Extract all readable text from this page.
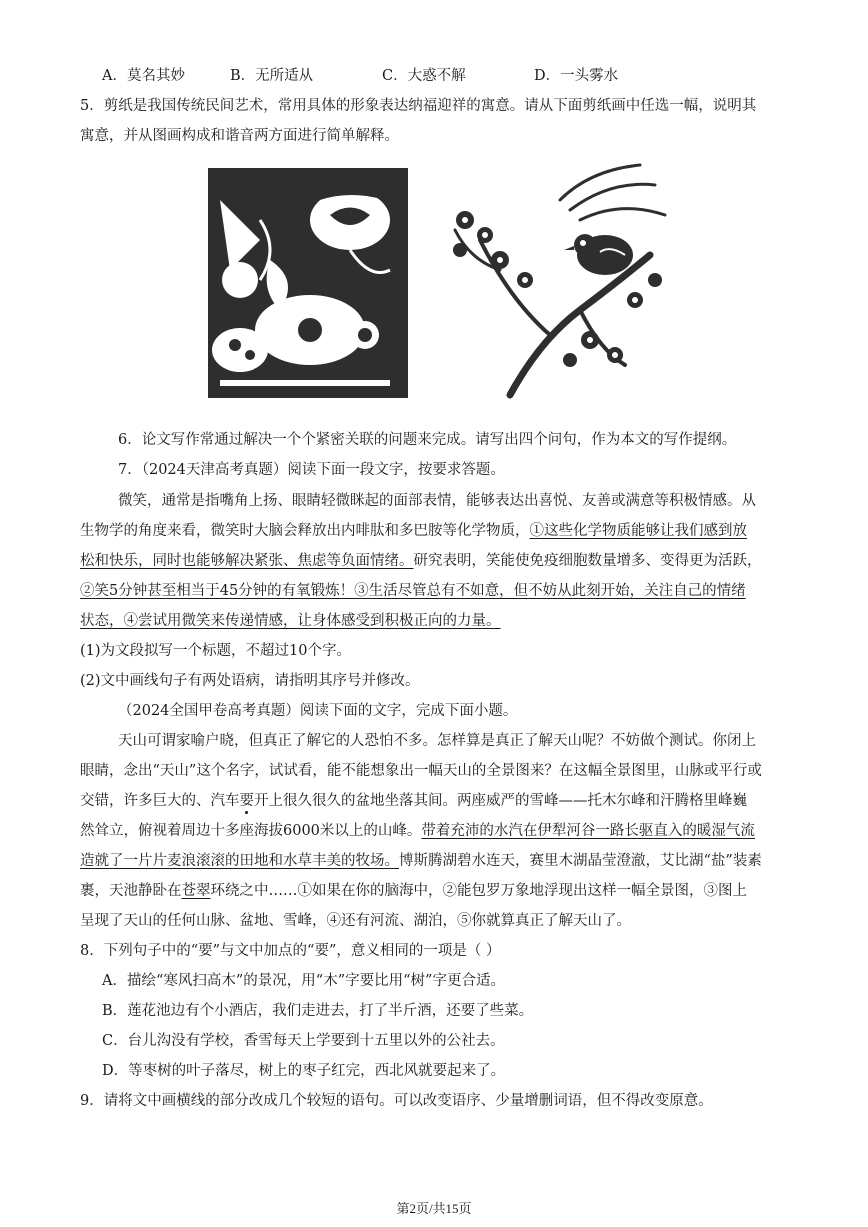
A．莫名其妙	B．无所适从	C．大惑不解	D．一头雾水
5．剪纸是我国传统民间艺术，常用具体的形象表达纳福迎祥的寓意。请从下面剪纸画中任选一幅，说明其
寓意，并从图画构成和谐音两方面进行简单解释。
6．论文写作常通过解决一个个紧密关联的问题来完成。请写出四个问句，作为本文的写作提纲。
7．（2024天津高考真题）阅读下面一段文字，按要求答题。
微笑，通常是指嘴角上扬、眼睛轻微眯起的面部表情，能够表达出喜悦、友善或满意等积极情感。从
生物学的角度来看，微笑时大脑会释放出内啡肽和多巴胺等化学物质，①这些化学物质能够让我们感到放
松和快乐，同时也能够解决紧张、焦虑等负面情绪。研究表明，笑能使免疫细胞数量增多、变得更为活跃，
②笑5分钟甚至相当于45分钟的有氧锻炼！③生活尽管总有不如意，但不妨从此刻开始，关注自己的情绪
状态，④尝试用微笑来传递情感，让身体感受到积极正向的力量。
(1)为文段拟写一个标题，不超过10个字。
(2)文中画线句子有两处语病，请指明其序号并修改。
（2024全国甲卷高考真题）阅读下面的文字，完成下面小题。
天山可谓家喻户晓，但真正了解它的人恐怕不多。怎样算是真正了解天山呢？不妨做个测试。你闭上
眼睛，念出“天山”这个名字，试试看，能不能想象出一幅天山的全景图来？在这幅全景图里，山脉或平行或
交错，许多巨大的、汽车要开上很久很久的盆地坐落其间。两座威严的雪峰——托木尔峰和汗腾格里峰巍
然耸立，俯视着周边十多座海拔6000米以上的山峰。带着充沛的水汽在伊犁河谷一路长驱直入的暖湿气流
造就了一片片麦浪滚滚的田地和水草丰美的牧场。博斯腾湖碧水连天，赛里木湖晶莹澄澈，艾比湖“盐”装素
裹，天池静卧在苍翠环绕之中……①如果在你的脑海中，②能包罗万象地浮现出这样一幅全景图，③图上
呈现了天山的任何山脉、盆地、雪峰，④还有河流、湖泊，⑤你就算真正了解天山了。
8．下列句子中的“要”与文中加点的“要”，意义相同的一项是（ ）
A．描绘“寒风扫高木”的景况，用“木”字要比用“树”字更合适。
B．莲花池边有个小酒店，我们走进去，打了半斤酒，还要了些菜。
C．台儿沟没有学校，香雪每天上学要到十五里以外的公社去。
D．等枣树的叶子落尽，树上的枣子红完，西北风就要起来了。
9．请将文中画横线的部分改成几个较短的语句。可以改变语序、少量增删词语，但不得改变原意。
第2页/共15页
